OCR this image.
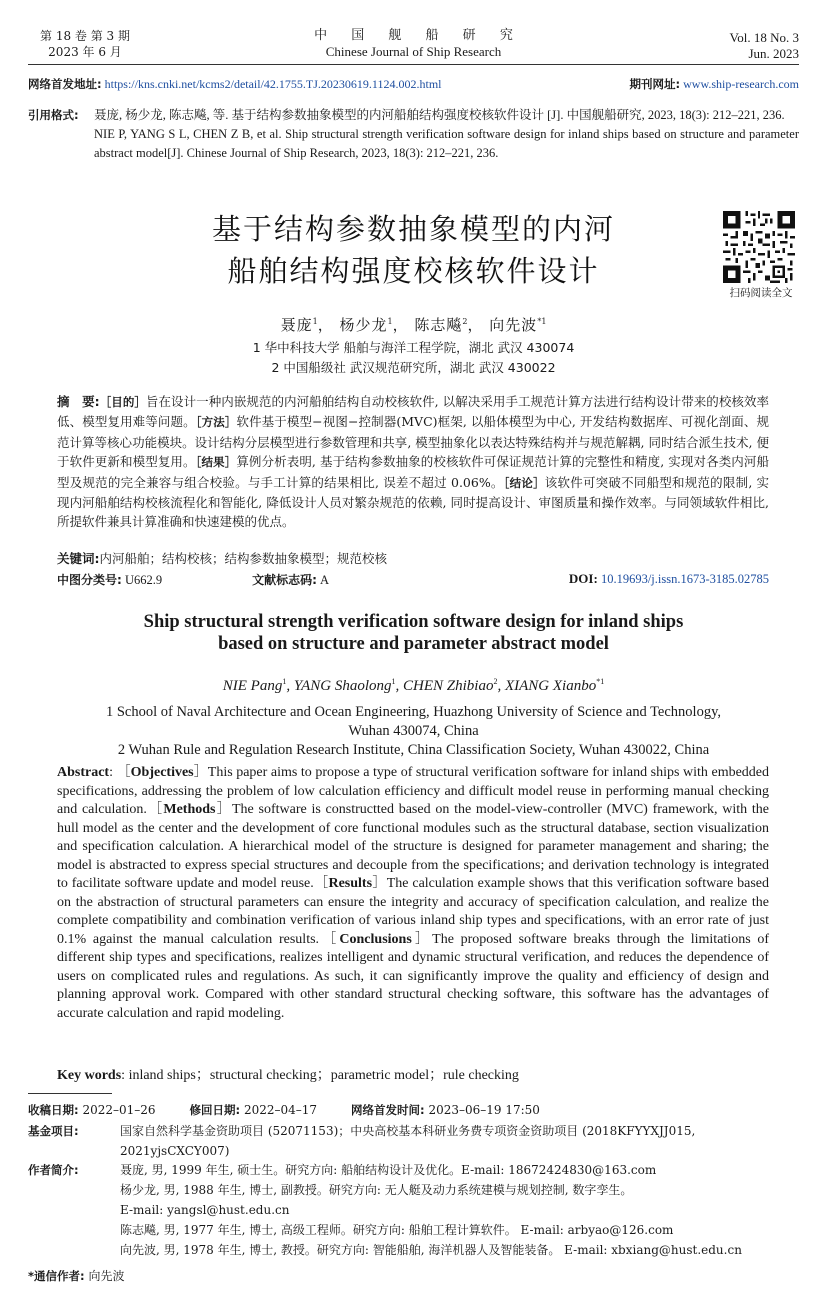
第 18 卷 第 3 期
2023 年 6 月
中 国 舰 船 研 究
Chinese Journal of Ship Research
Vol. 18 No. 3
Jun. 2023
网络首发地址: https://kns.cnki.net/kcms2/detail/42.1755.TJ.20230619.1124.002.html	期刊网址: www.ship-research.com
引用格式:	聂庞, 杨少龙, 陈志飚, 等. 基于结构参数抽象模型的内河船舶结构强度校核软件设计 [J]. 中国舰船研究, 2023, 18(3): 212–221, 236.

NIE P, YANG S L, CHEN Z B, et al. Ship structural strength verification software design for inland ships based on structure and parameter abstract model[J]. Chinese Journal of Ship Research, 2023, 18(3): 212–221, 236.

基于结构参数抽象模型的内河
船舶结构强度校核软件设计
扫码阅读全文
聂庞$^1$， 杨少龙$^1$， 陈志飚$^2$， 向先波$^{*1}$
1 华中科技大学 船舶与海洋工程学院，湖北 武汉 430074
2 中国船级社 武汉规范研究所，湖北 武汉 430022
摘　要:［目的］旨在设计一种内嵌规范的内河船舶结构自动校核软件, 以解决采用手工规范计算方法进行结构设计带来的校核效率低、模型复用难等问题。［方法］软件基于模型−视图−控制器(MVC)框架, 以船体模型为中心, 开发结构数据库、可视化剖面、规范计算等核心功能模块。设计结构分层模型进行参数管理和共享, 模型抽象化以表达特殊结构并与规范解耦, 同时结合派生技术, 便于软件更新和模型复用。［结果］算例分析表明, 基于结构参数抽象的校核软件可保证规范计算的完整性和精度, 实现对各类内河船型及规范的完全兼容与组合校验。与手工计算的结果相比, 误差不超过 0.06%。［结论］该软件可突破不同船型和规范的限制, 实现内河船舶结构校核流程化和智能化, 降低设计人员对繁杂规范的依赖, 同时提高设计、审图质量和操作效率。与同领域软件相比, 所提软件兼具计算准确和快速建模的优点。
关键词:内河船舶；结构校核；结构参数抽象模型；规范校核
中图分类号: U662.9	文献标志码: A	DOI: 10.19693/j.issn.1673-3185.02785
Ship structural strength verification software design for inland ships
based on structure and parameter abstract model
NIE Pang$^1$, YANG Shaolong$^1$, CHEN Zhibiao$^2$, XIANG Xianbo$^{*1}$
1 School of Naval Architecture and Ocean Engineering, Huazhong University of Science and Technology,
Wuhan 430074, China
2 Wuhan Rule and Regulation Research Institute, China Classification Society, Wuhan 430022, China
Abstract: ［Objectives］This paper aims to propose a type of structural verification software for inland ships with embedded specifications, addressing the problem of low calculation efficiency and difficult model reuse in performing manual checking and calculation.［Methods］The software is constructted based on the model-view-controller (MVC) framework, with the hull model as the center and the development of core functional modules such as the structural database, section visualization and specification calculation. A hierarchical model of the structure is designed for parameter management and sharing; the model is abstracted to express special structures and decouple from the specifications; and derivation technology is integrated to facilitate software update and model reuse.［Results］The calculation example shows that this verification software based on the abstraction of structural parameters can ensure the integrity and accuracy of specification calculation, and realize the complete compatibility and combination verification of various inland ship types and specifications, with an error rate of just 0.1% against the manual calculation results.［Conclusions］The proposed software breaks through the limitations of different ship types and specifications, realizes intelligent and dynamic structural verification, and reduces the dependence of users on complicated rules and regulations. As such, it can significantly improve the quality and efficiency of design and planning approval work. Compared with other standard structural checking software, this software has the advantages of accurate calculation and rapid modeling.
Key words: inland ships；structural checking；parametric model；rule checking
收稿日期: 2022–01–26	修回日期: 2022–04–17	网络首发时间: 2023–06–19 17:50
基金项目:	国家自然科学基金资助项目 (52071153)；中央高校基本科研业务费专项资金资助项目 (2018KFYYXJJ015, 2021yjsCXCY007)
作者简介:	聂庞, 男, 1999 年生, 硕士生。研究方向: 船舶结构设计及优化。E-mail: 18672424830@163.com
杨少龙, 男, 1988 年生, 博士, 副教授。研究方向: 无人艇及动力系统建模与规划控制, 数字孪生。
E-mail: yangsl@hust.edu.cn
陈志飚, 男, 1977 年生, 博士, 高级工程师。研究方向: 船舶工程计算软件。 E-mail: arbyao@126.com
向先波, 男, 1978 年生, 博士, 教授。研究方向: 智能船舶, 海洋机器人及智能装备。 E-mail: xbxiang@hust.edu.cn
*通信作者: 向先波
